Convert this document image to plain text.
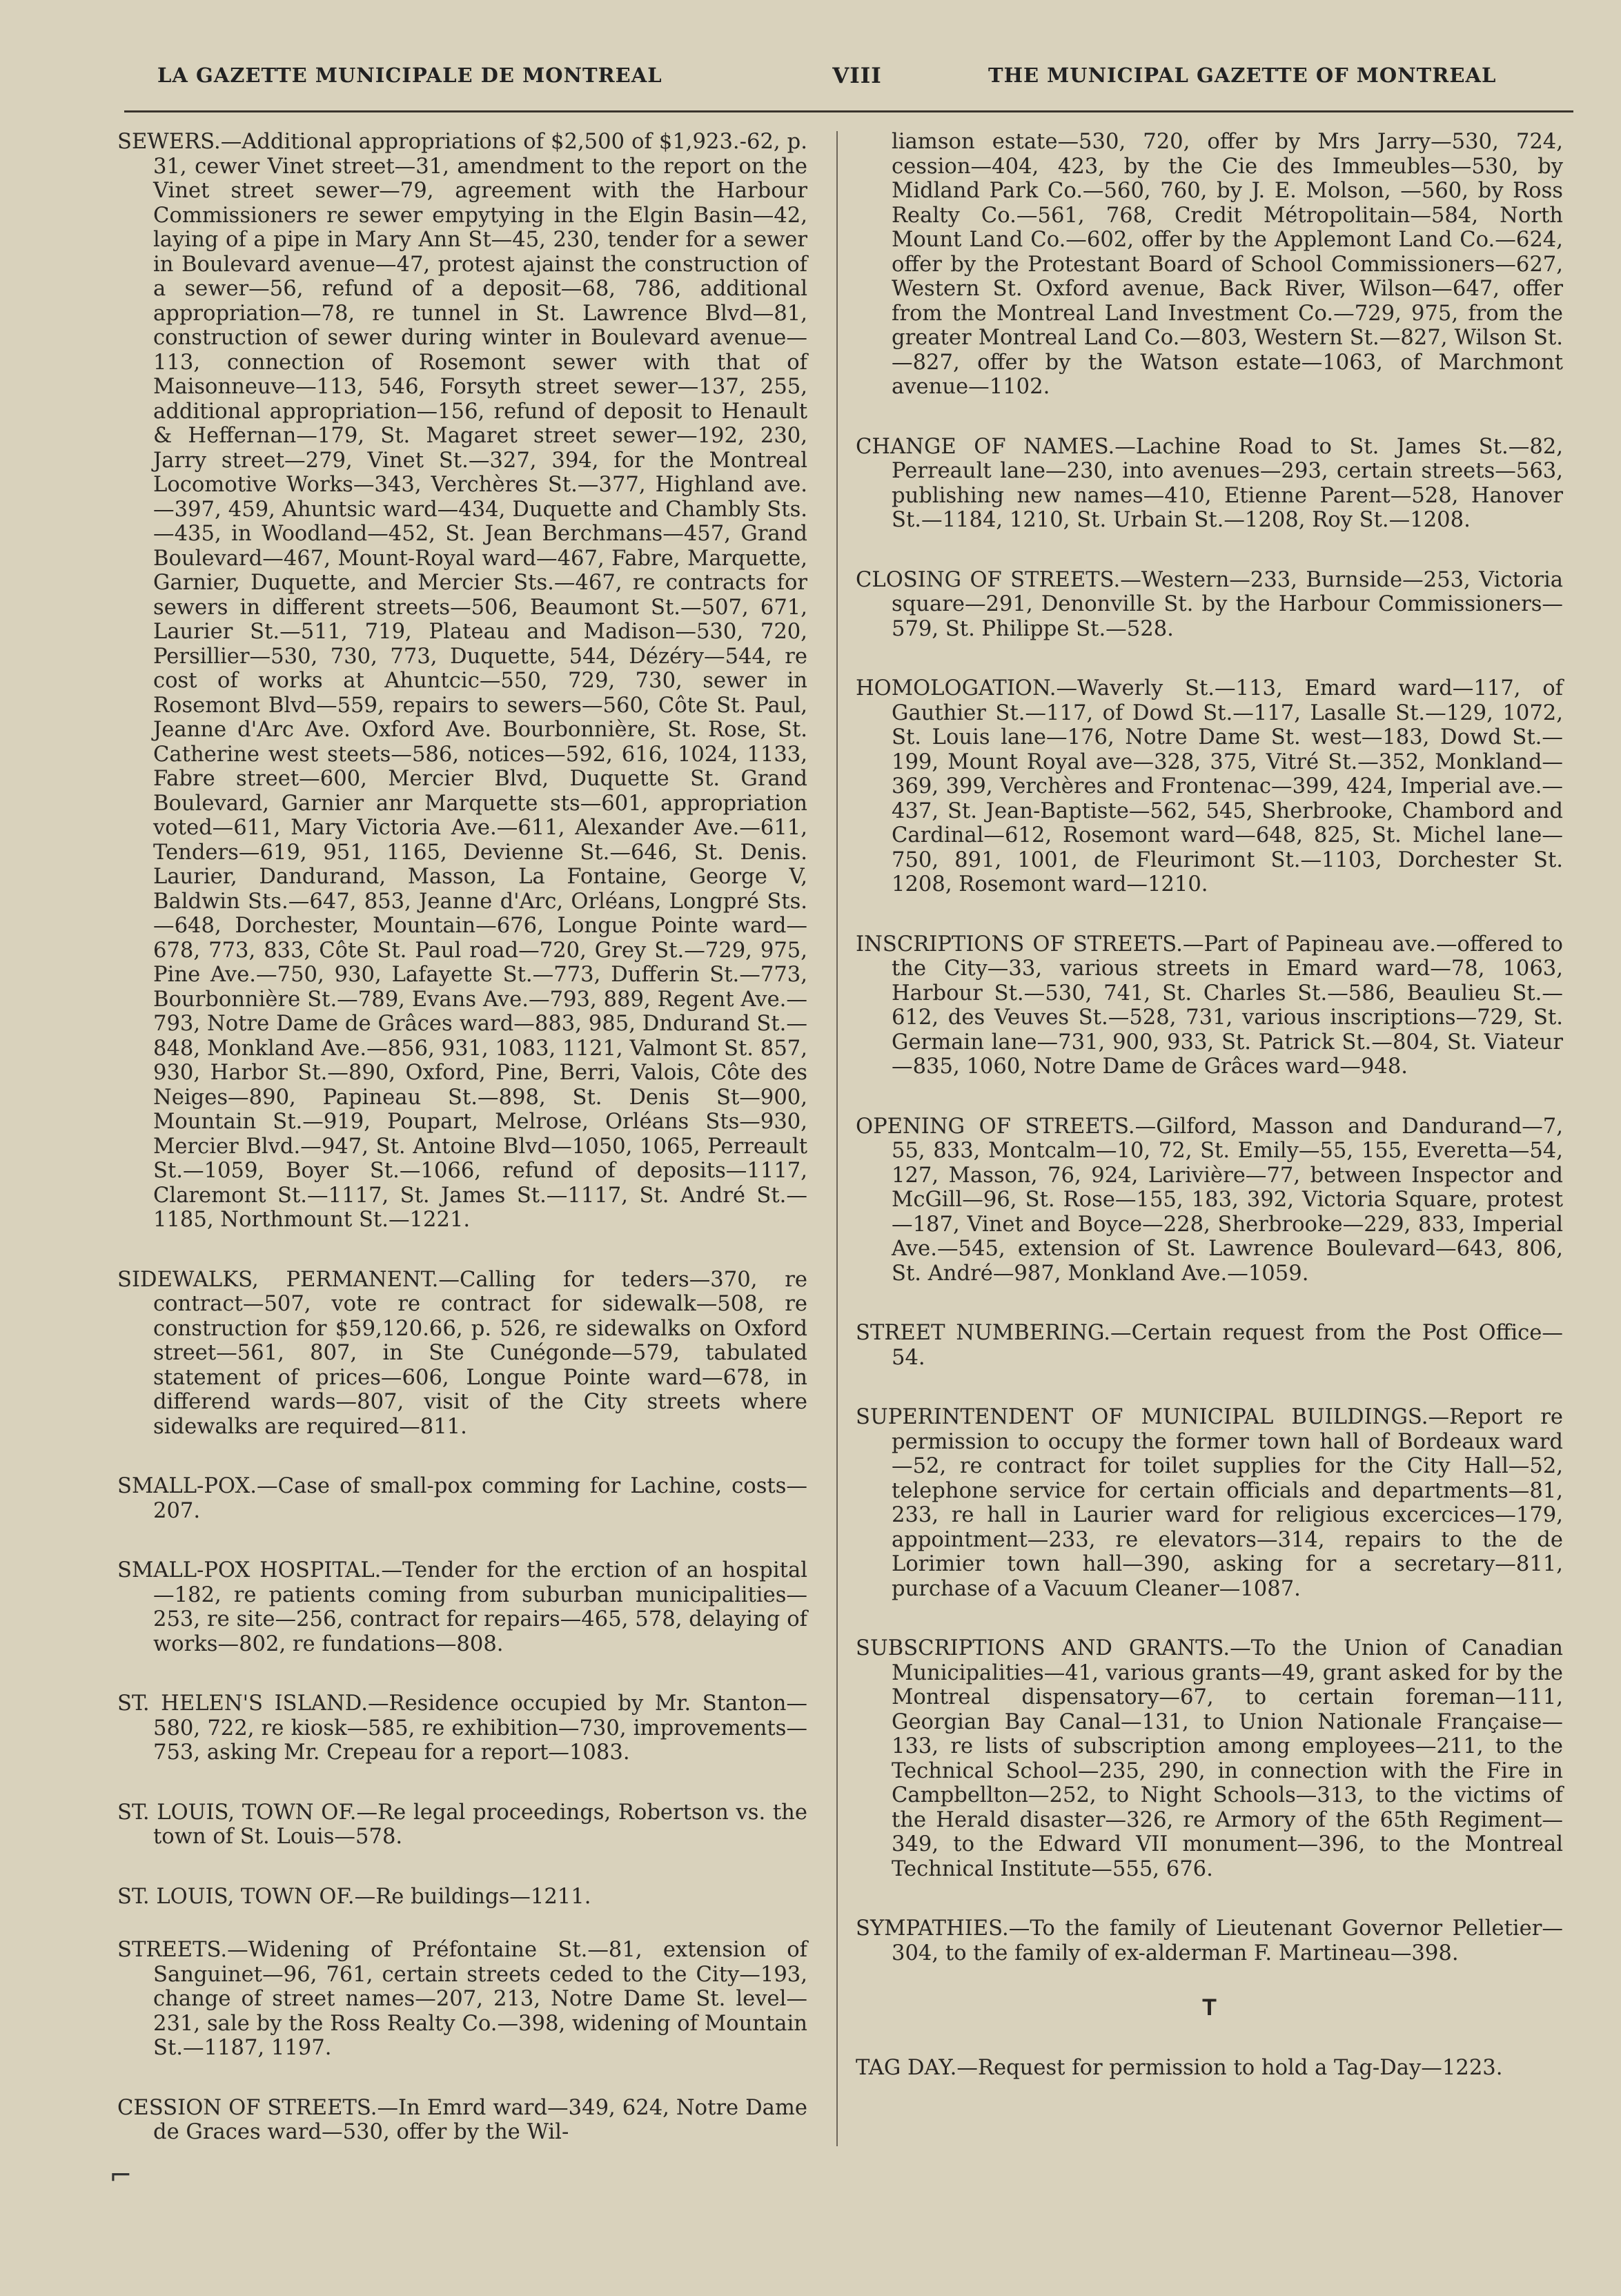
LA GAZETTE MUNICIPALE DE MONTREAL	VIII	THE MUNICIPAL GAZETTE OF MONTREAL

SEWERS.—Additional appropriations of $2,500 of $1,923.-62, p. 31, cewer Vinet street—31, amendment to the report on the Vinet street sewer—79, agreement with the Harbour Commissioners re sewer empytying in the Elgin Basin—42, laying of a pipe in Mary Ann St—45, 230, tender for a sewer in Boulevard avenue—47, protest ajainst the construction of a sewer—56, refund of a deposit—68, 786, additional appropriation—78, re tunnel in St. Lawrence Blvd—81, construction of sewer during winter in Boulevard avenue—113, connection of Rosemont sewer with that of Maisonneuve—113, 546, Forsyth street sewer—137, 255, additional appropriation—156, refund of deposit to Henault & Heffernan—179, St. Magaret street sewer—192, 230, Jarry street—279, Vinet St.—327, 394, for the Montreal Locomotive Works—343, Verchères St.—377, Highland ave.—397, 459, Ahuntsic ward—434, Duquette and Chambly Sts.—435, in Woodland—452, St. Jean Berchmans—457, Grand Boulevard—467, Mount-Royal ward—467, Fabre, Marquette, Garnier, Duquette, and Mercier Sts.—467, re contracts for sewers in different streets—506, Beaumont St.—507, 671, Laurier St.—511, 719, Plateau and Madison—530, 720, Persillier—530, 730, 773, Duquette, 544, Dézéry—544, re cost of works at Ahuntcic—550, 729, 730, sewer in Rosemont Blvd—559, repairs to sewers—560, Côte St. Paul, Jeanne d'Arc Ave. Oxford Ave. Bourbonnière, St. Rose, St. Catherine west steets—586, notices—592, 616, 1024, 1133, Fabre street—600, Mercier Blvd, Duquette St. Grand Boulevard, Garnier anr Marquette sts—601, appropriation voted—611, Mary Victoria Ave.—611, Alexander Ave.—611, Tenders—619, 951, 1165, Devienne St.—646, St. Denis. Laurier, Dandurand, Masson, La Fontaine, George V, Baldwin Sts.—647, 853, Jeanne d'Arc, Orléans, Longpré Sts.—648, Dorchester, Mountain—676, Longue Pointe ward—678, 773, 833, Côte St. Paul road—720, Grey St.—729, 975, Pine Ave.—750, 930, Lafayette St.—773, Dufferin St.—773, Bourbonnière St.—789, Evans Ave.—793, 889, Regent Ave.—793, Notre Dame de Grâces ward—883, 985, Dndurand St.—848, Monkland Ave.—856, 931, 1083, 1121, Valmont St. 857, 930, Harbor St.—890, Oxford, Pine, Berri, Valois, Côte des Neiges—890, Papineau St.—898, St. Denis St—900, Mountain St.—919, Poupart, Melrose, Orléans Sts—930, Mercier Blvd.—947, St. Antoine Blvd—1050, 1065, Perreault St.—1059, Boyer St.—1066, refund of deposits—1117, Claremont St.—1117, St. James St.—1117, St. André St.—1185, Northmount St.—1221.

SIDEWALKS, PERMANENT.—Calling for teders—370, re contract—507, vote re contract for sidewalk—508, re construction for $59,120.66, p. 526, re sidewalks on Oxford street—561, 807, in Ste Cunégonde—579, tabulated statement of prices—606, Longue Pointe ward—678, in differend wards—807, visit of the City streets where sidewalks are required—811.

SMALL-POX.—Case of small-pox comming for Lachine, costs—207.

SMALL-POX HOSPITAL.—Tender for the erction of an hospital—182, re patients coming from suburban municipalities—253, re site—256, contract for repairs—465, 578, delaying of works—802, re fundations—808.

ST. HELEN'S ISLAND.—Residence occupied by Mr. Stanton—580, 722, re kiosk—585, re exhibition—730, improvements—753, asking Mr. Crepeau for a report—1083.

ST. LOUIS, TOWN OF.—Re legal proceedings, Robertson vs. the town of St. Louis—578.

ST. LOUIS, TOWN OF.—Re buildings—1211.

STREETS.—Widening of Préfontaine St.—81, extension of Sanguinet—96, 761, certain streets ceded to the City—193, change of street names—207, 213, Notre Dame St. level—231, sale by the Ross Realty Co.—398, widening of Mountain St.—1187, 1197.

CESSION OF STREETS.—In Emrd ward—349, 624, Notre Dame de Graces ward—530, offer by the Wil-

liamson estate—530, 720, offer by Mrs Jarry—530, 724, cession—404, 423, by the Cie des Immeubles—530, by Midland Park Co.—560, 760, by J. E. Molson, —560, by Ross Realty Co.—561, 768, Credit Métropolitain—584, North Mount Land Co.—602, offer by the Applemont Land Co.—624, offer by the Protestant Board of School Commissioners—627, Western St. Oxford avenue, Back River, Wilson—647, offer from the Montreal Land Investment Co.—729, 975, from the greater Montreal Land Co.—803, Western St.—827, Wilson St.—827, offer by the Watson estate—1063, of Marchmont avenue—1102.

CHANGE OF NAMES.—Lachine Road to St. James St.—82, Perreault lane—230, into avenues—293, certain streets—563, publishing new names—410, Etienne Parent—528, Hanover St.—1184, 1210, St. Urbain St.—1208, Roy St.—1208.

CLOSING OF STREETS.—Western—233, Burnside—253, Victoria square—291, Denonville St. by the Harbour Commissioners—579, St. Philippe St.—528.

HOMOLOGATION.—Waverly St.—113, Emard ward—117, of Gauthier St.—117, of Dowd St.—117, Lasalle St.—129, 1072, St. Louis lane—176, Notre Dame St. west—183, Dowd St.—199, Mount Royal ave—328, 375, Vitré St.—352, Monkland—369, 399, Verchères and Frontenac—399, 424, Imperial ave.—437, St. Jean-Baptiste—562, 545, Sherbrooke, Chambord and Cardinal—612, Rosemont ward—648, 825, St. Michel lane—750, 891, 1001, de Fleurimont St.—1103, Dorchester St. 1208, Rosemont ward—1210.

INSCRIPTIONS OF STREETS.—Part of Papineau ave.—offered to the City—33, various streets in Emard ward—78, 1063, Harbour St.—530, 741, St. Charles St.—586, Beaulieu St.—612, des Veuves St.—528, 731, various inscriptions—729, St. Germain lane—731, 900, 933, St. Patrick St.—804, St. Viateur—835, 1060, Notre Dame de Grâces ward—948.

OPENING OF STREETS.—Gilford, Masson and Dandurand—7, 55, 833, Montcalm—10, 72, St. Emily—55, 155, Everetta—54, 127, Masson, 76, 924, Larivière—77, between Inspector and McGill—96, St. Rose—155, 183, 392, Victoria Square, protest—187, Vinet and Boyce—228, Sherbrooke—229, 833, Imperial Ave.—545, extension of St. Lawrence Boulevard—643, 806, St. André—987, Monkland Ave.—1059.

STREET NUMBERING.—Certain request from the Post Office—54.

SUPERINTENDENT OF MUNICIPAL BUILDINGS.—Report re permission to occupy the former town hall of Bordeaux ward—52, re contract for toilet supplies for the City Hall—52, telephone service for certain officials and departments—81, 233, re hall in Laurier ward for religious excercices—179, appointment—233, re elevators—314, repairs to the de Lorimier town hall—390, asking for a secretary—811, purchase of a Vacuum Cleaner—1087.

SUBSCRIPTIONS AND GRANTS.—To the Union of Canadian Municipalities—41, various grants—49, grant asked for by the Montreal dispensatory—67, to certain foreman—111, Georgian Bay Canal—131, to Union Nationale Française—133, re lists of subscription among employees—211, to the Technical School—235, 290, in connection with the Fire in Campbellton—252, to Night Schools—313, to the victims of the Herald disaster—326, re Armory of the 65th Regiment—349, to the Edward VII monument—396, to the Montreal Technical Institute—555, 676.

SYMPATHIES.—To the family of Lieutenant Governor Pelletier—304, to the family of ex-alderman F. Martineau—398.

T

TAG DAY.—Request for permission to hold a Tag-Day—1223.

⌐
